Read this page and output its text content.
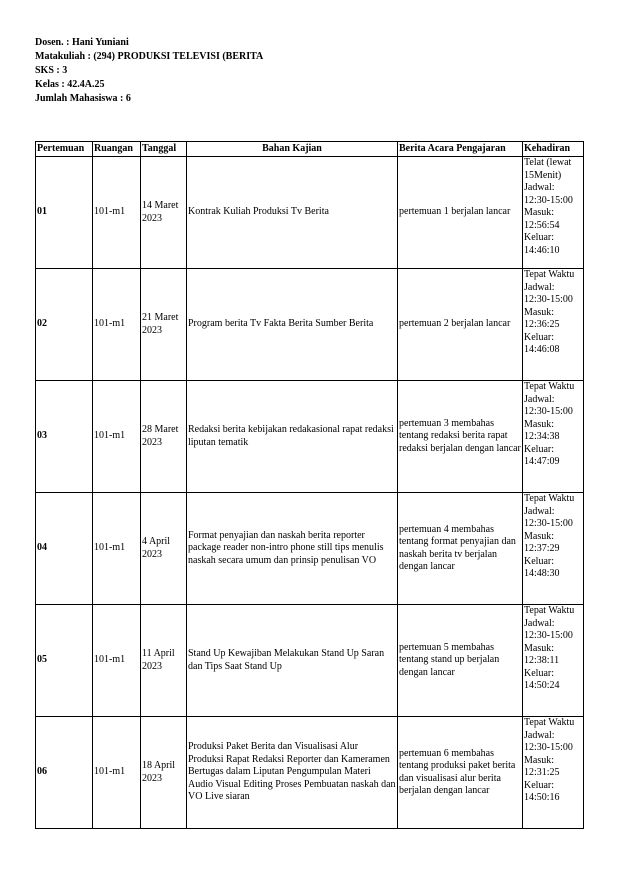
Dosen. : Hani Yuniani
Matakuliah : (294) PRODUKSI TELEVISI (BERITA
SKS : 3
Kelas : 42.4A.25
Jumlah Mahasiswa : 6
Pertemuan	Ruangan	Tanggal	Bahan Kajian	Berita Acara Pengajaran	Kehadiran
01	101-m1	14 Maret 2023	Kontrak Kuliah Produksi Tv Berita	pertemuan 1 berjalan lancar	Telat (lewat 15Menit)
Jadwal: 12:30-15:00
Masuk: 12:56:54
Keluar: 14:46:10

02	101-m1	21 Maret 2023	Program berita Tv Fakta Berita Sumber Berita	pertemuan 2 berjalan lancar	Tepat Waktu
Jadwal: 12:30-15:00
Masuk: 12:36:25
Keluar: 14:46:08

03	101-m1	28 Maret 2023	Redaksi berita kebijakan redakasional rapat redaksi liputan tematik	pertemuan 3 membahas tentang redaksi berita rapat redaksi berjalan dengan lancar	Tepat Waktu
Jadwal: 12:30-15:00
Masuk: 12:34:38
Keluar: 14:47:09

04	101-m1	4 April 2023	Format penyajian dan naskah berita reporter package reader non-intro phone still tips menulis naskah secara umum dan prinsip penulisan VO	pertemuan 4 membahas tentang format penyajian dan naskah berita tv berjalan dengan lancar	Tepat Waktu
Jadwal: 12:30-15:00
Masuk: 12:37:29
Keluar: 14:48:30

05	101-m1	11 April 2023	Stand Up Kewajiban Melakukan Stand Up Saran dan Tips Saat Stand Up	pertemuan 5 membahas tentang stand up berjalan dengan lancar	Tepat Waktu
Jadwal: 12:30-15:00
Masuk: 12:38:11
Keluar: 14:50:24

06	101-m1	18 April 2023	Produksi Paket Berita dan Visualisasi Alur Produksi Rapat Redaksi Reporter dan Kameramen Bertugas dalam Liputan Pengumpulan Materi Audio Visual Editing Proses Pembuatan naskah dan VO Live siaran	pertemuan 6 membahas tentang produksi paket berita dan visualisasi alur berita berjalan dengan lancar	Tepat Waktu
Jadwal: 12:30-15:00
Masuk: 12:31:25
Keluar: 14:50:16
